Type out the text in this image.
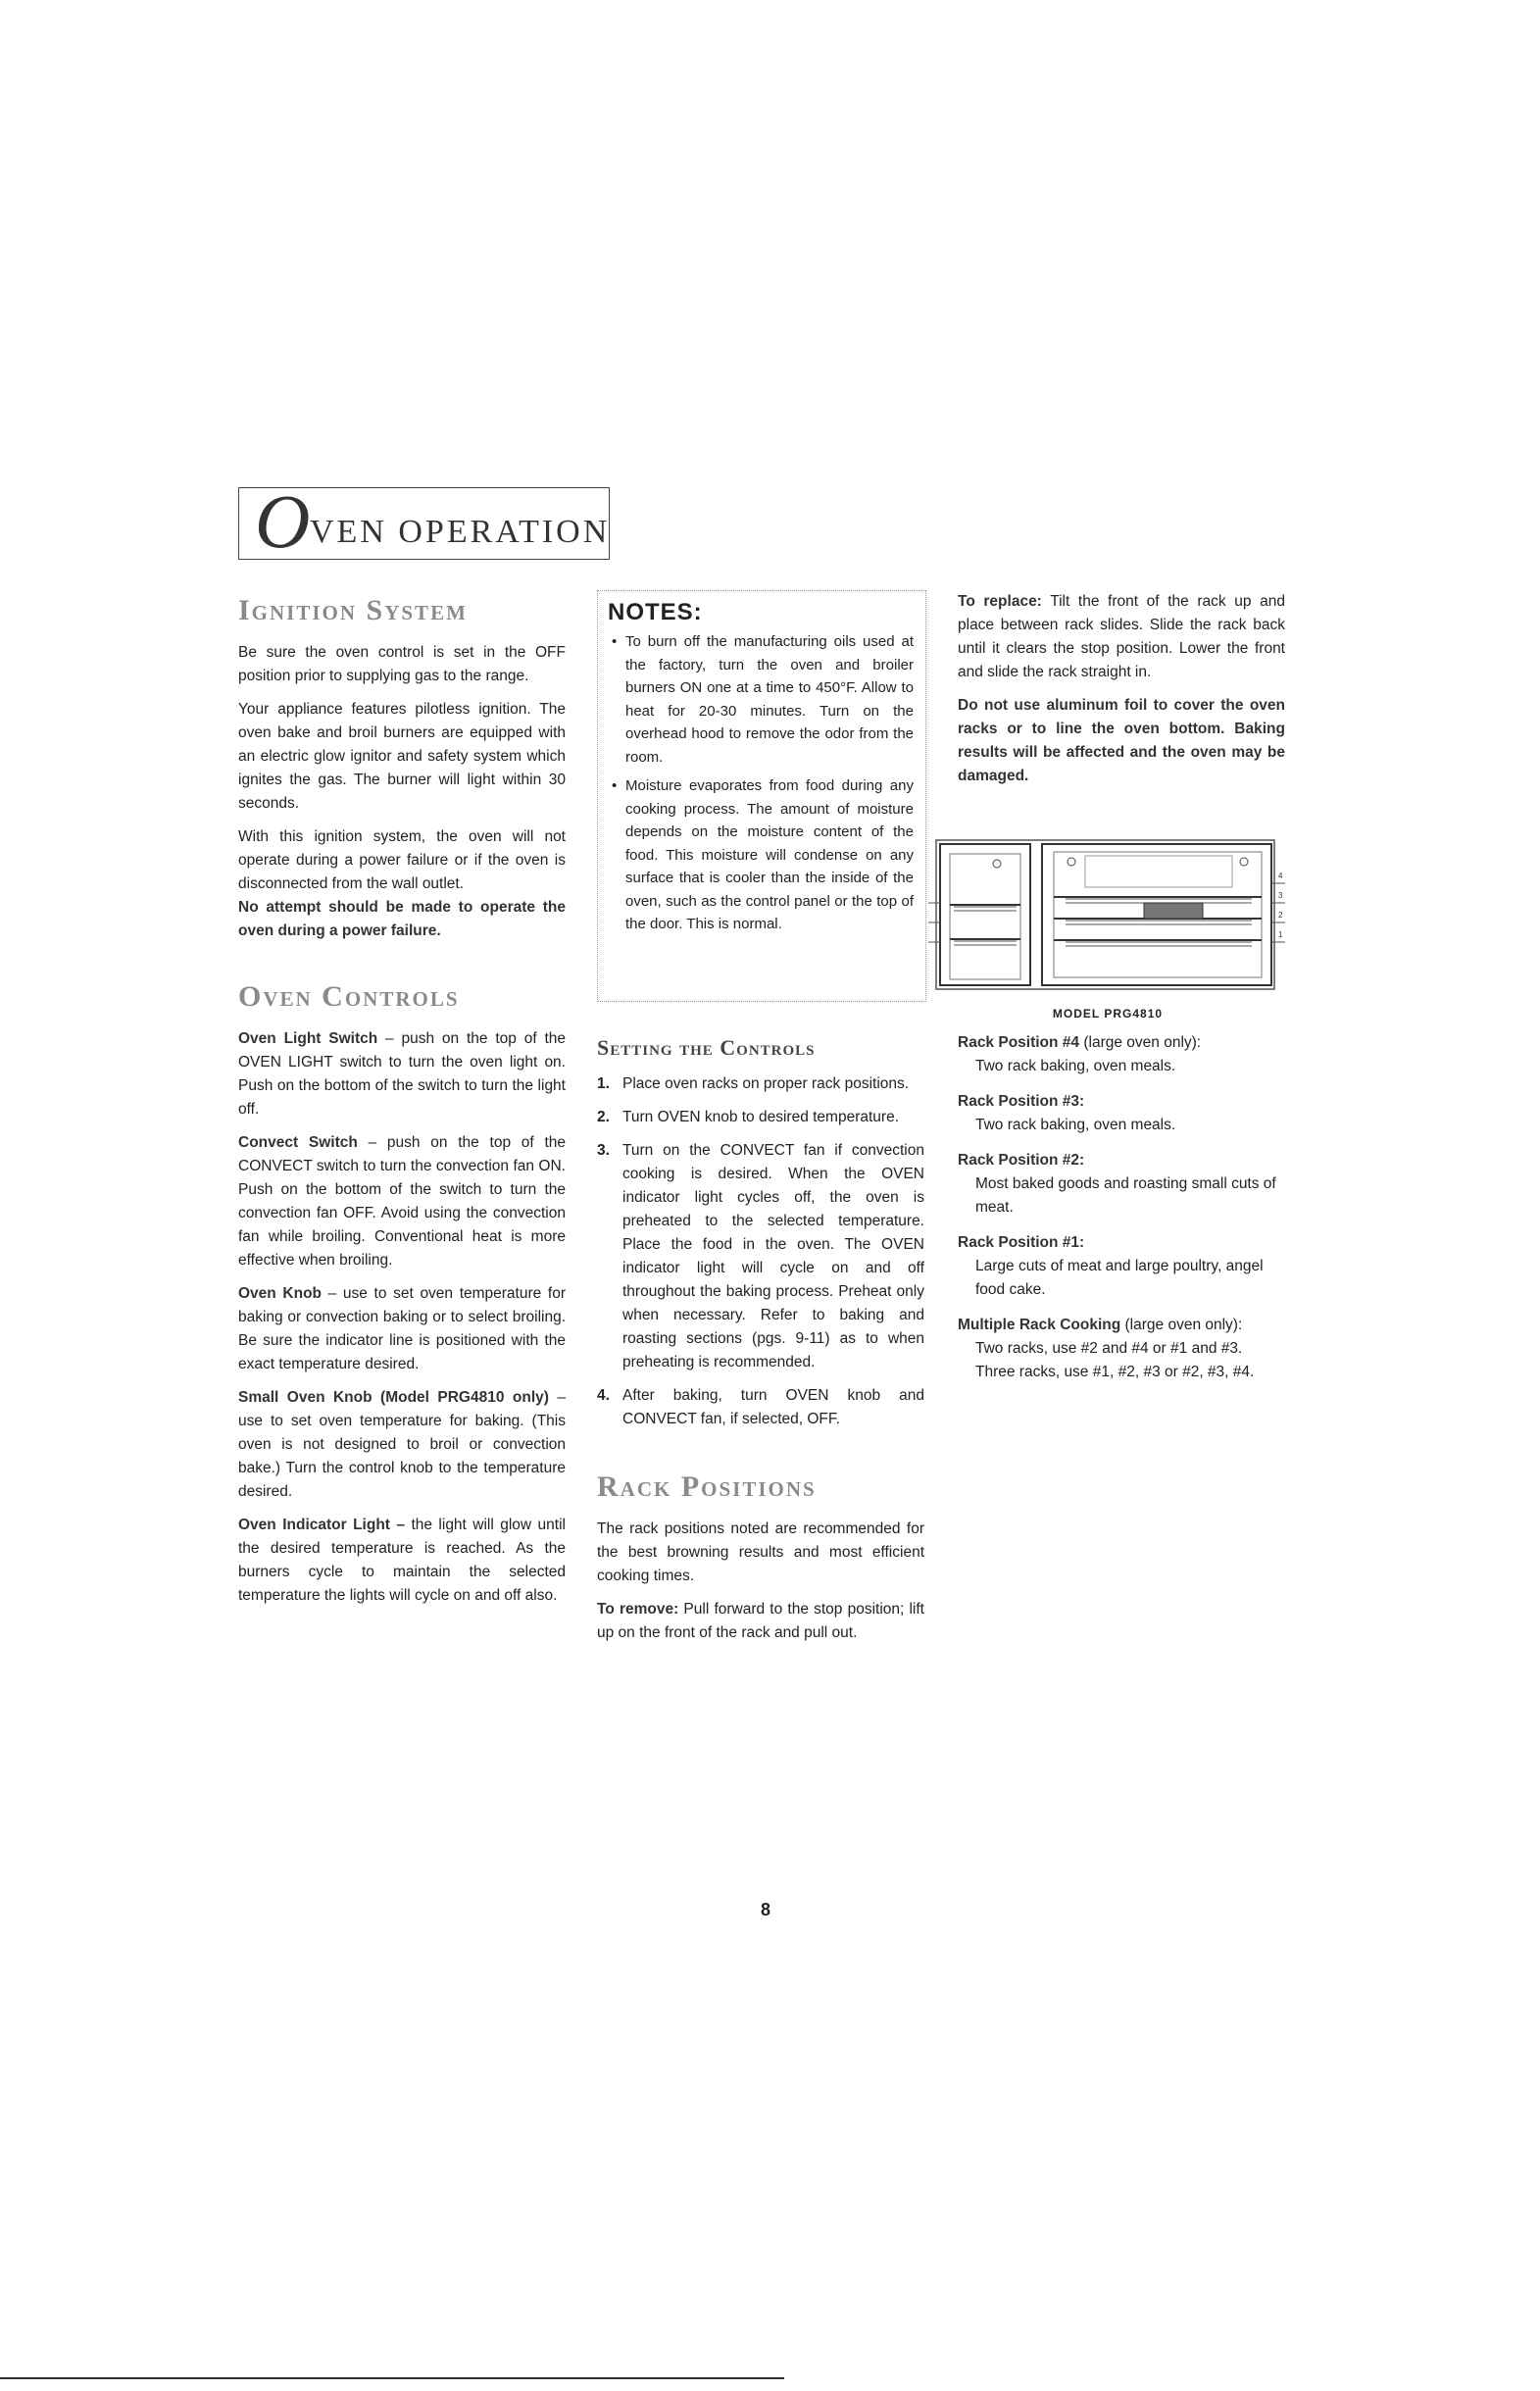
O VEN OPERATION
Ignition System

Be sure the oven control is set in the OFF position prior to supplying gas to the range.

Your appliance features pilotless ignition. The oven bake and broil burners are equipped with an electric glow ignitor and safety system which ignites the gas. The burner will light within 30 seconds.

With this ignition system, the oven will not operate during a power failure or if the oven is disconnected from the wall outlet.

No attempt should be made to operate the oven during a power failure.

Oven Controls

Oven Light Switch – push on the top of the OVEN LIGHT switch to turn the oven light on. Push on the bottom of the switch to turn the light off.

Convect Switch – push on the top of the CONVECT switch to turn the convection fan ON. Push on the bottom of the switch to turn the convection fan OFF. Avoid using the convection fan while broiling. Conventional heat is more effective when broiling.

Oven Knob – use to set oven temperature for baking or convection baking or to select broiling. Be sure the indicator line is positioned with the exact temperature desired.

Small Oven Knob (Model PRG4810 only) – use to set oven temperature for baking. (This oven is not designed to broil or convection bake.) Turn the control knob to the temperature desired.

Oven Indicator Light – the light will glow until the desired temperature is reached. As the burners cycle to maintain the selected temperature the lights will cycle on and off also.

NOTES:
• To burn off the manufacturing oils used at the factory, turn the oven and broiler burners ON one at a time to 450°F. Allow to heat for 20-30 minutes. Turn on the overhead hood to remove the odor from the room.
• Moisture evaporates from food during any cooking process. The amount of moisture depends on the moisture content of the food. This moisture will condense on any surface that is cooler than the inside of the oven, such as the control panel or the top of the door. This is normal.
Setting the Controls
1. Place oven racks on proper rack positions.
2. Turn OVEN knob to desired temperature.
3. Turn on the CONVECT fan if convection cooking is desired. When the OVEN indicator light cycles off, the oven is preheated to the selected temperature. Place the food in the oven. The OVEN indicator light will cycle on and off throughout the baking process. Preheat only when necessary. Refer to baking and roasting sections (pgs. 9-11) as to when preheating is recommended.
4. After baking, turn OVEN knob and CONVECT fan, if selected, OFF.
Rack Positions

The rack positions noted are recommended for the best browning results and most efficient cooking times.

To remove: Pull forward to the stop position; lift up on the front of the rack and pull out.

To replace: Tilt the front of the rack up and place between rack slides. Slide the rack back until it clears the stop position. Lower the front and slide the rack straight in.

Do not use aluminum foil to cover the oven racks or to line the oven bottom. Baking results will be affected and the oven may be damaged.

4
3
2
1
MODEL PRG4810
Rack Position #4 (large oven only):
Two rack baking, oven meals.
Rack Position #3:
Two rack baking, oven meals.
Rack Position #2:
Most baked goods and roasting small cuts of meat.
Rack Position #1:
Large cuts of meat and large poultry, angel food cake.
Multiple Rack Cooking (large oven only):
Two racks, use #2 and #4 or #1 and #3. Three racks, use #1, #2, #3 or #2, #3, #4.
8
